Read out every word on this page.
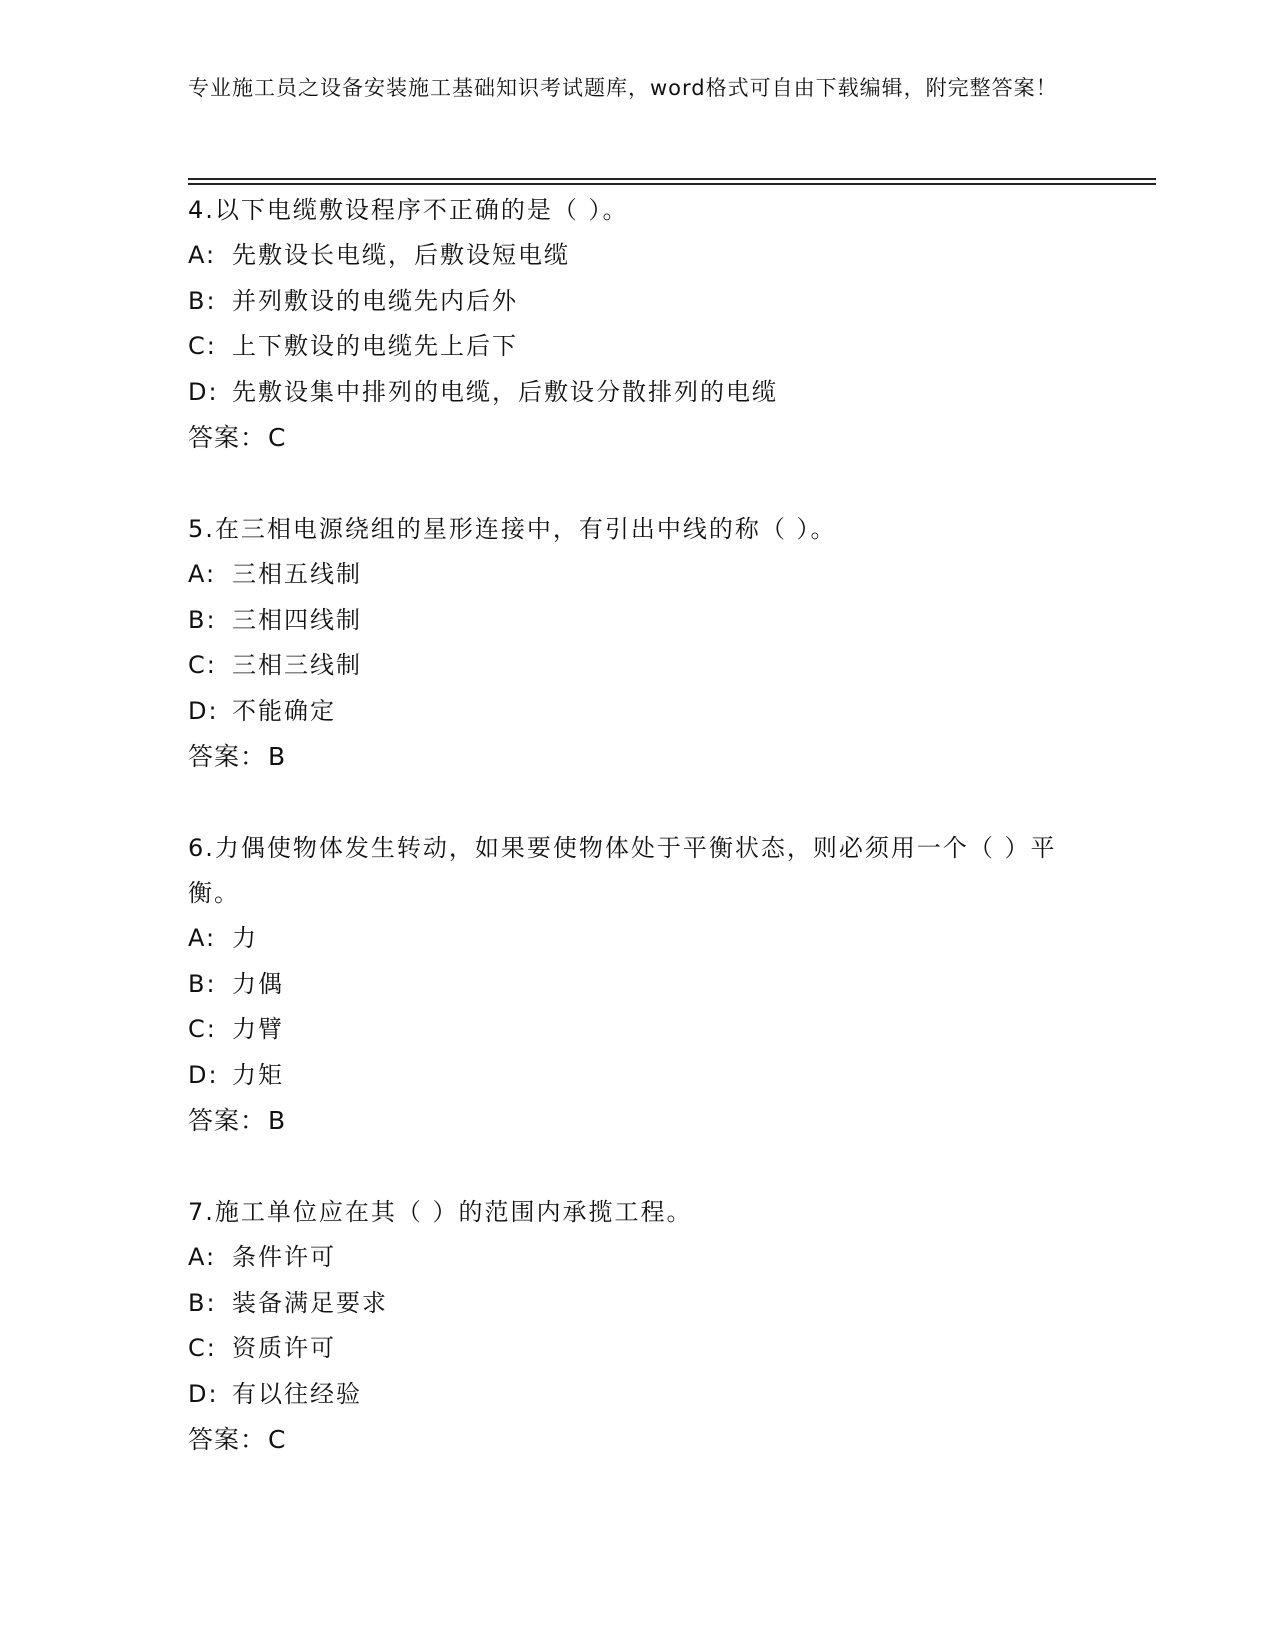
专业施工员之设备安装施工基础知识考试题库，word格式可自由下载编辑，附完整答案！
4.以下电缆敷设程序不正确的是（ ）。
A: 先敷设长电缆，后敷设短电缆
B: 并列敷设的电缆先内后外
C: 上下敷设的电缆先上后下
D: 先敷设集中排列的电缆，后敷设分散排列的电缆
答案：C
5.在三相电源绕组的星形连接中，有引出中线的称（ ）。
A: 三相五线制
B: 三相四线制
C: 三相三线制
D: 不能确定
答案：B
6.力偶使物体发生转动，如果要使物体处于平衡状态，则必须用一个（ ）平衡。
A: 力
B: 力偶
C: 力臂
D: 力矩
答案：B
7.施工单位应在其（ ）的范围内承揽工程。
A: 条件许可
B: 装备满足要求
C: 资质许可
D: 有以往经验
答案：C
